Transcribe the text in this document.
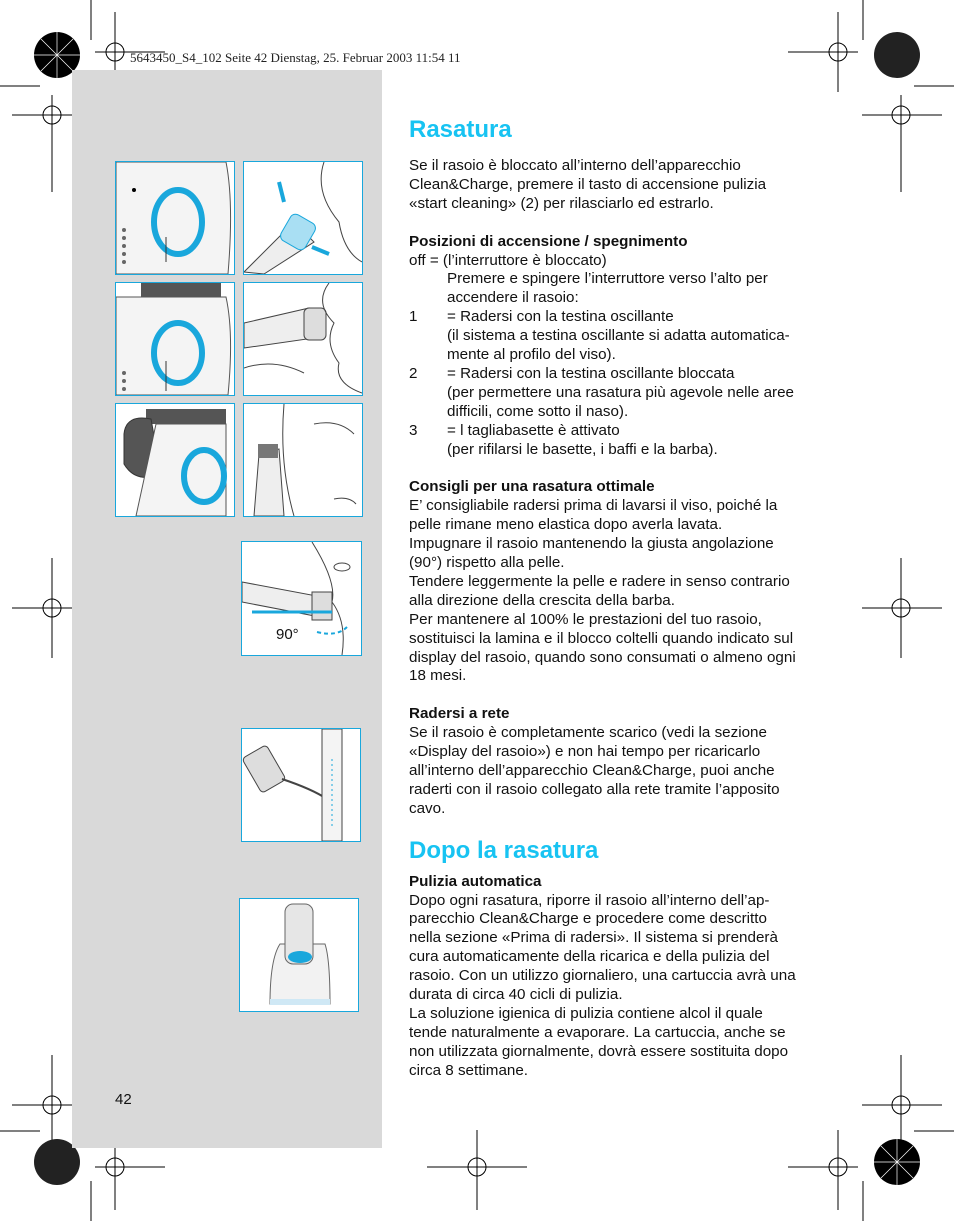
5643450_S4_102 Seite 42 Dienstag, 25. Februar 2003 11:54 11
90°
42
Rasatura

Se il rasoio è bloccato all’interno dell’apparecchio

Clean&Charge, premere il tasto di accensione pulizia

«start cleaning» (2) per rilasciarlo ed estrarlo.

Posizioni di accensione / spegnimento

off = (l’interruttore è bloccato)

Premere e spingere l’interruttore verso l’alto per

accendere il rasoio:

1	= Radersi con la testina oscillante

(il sistema a testina oscillante si adatta automatica-

mente al profilo del viso).

2	= Radersi con la testina oscillante bloccata

(per permettere una rasatura più agevole nelle aree

difficili, come sotto il naso).

3	= l tagliabasette è attivato

(per rifilarsi le basette, i baffi e la barba).

Consigli per una rasatura ottimale

E’ consigliabile radersi prima di lavarsi il viso, poiché la

pelle rimane meno elastica dopo averla lavata.

Impugnare il rasoio mantenendo la giusta angolazione

(90°) rispetto alla pelle.

Tendere leggermente la pelle e radere in senso contrario

alla direzione della crescita della barba.

Per mantenere al 100% le prestazioni del tuo rasoio,

sostituisci la lamina e il blocco coltelli quando indicato sul

display del rasoio, quando sono consumati o almeno ogni

18 mesi.

Radersi a rete

Se il rasoio è completamente scarico (vedi la sezione

«Display del rasoio») e non hai tempo per ricaricarlo

all’interno dell’apparecchio Clean&Charge, puoi anche

raderti con il rasoio collegato alla rete tramite l’apposito

cavo.

Dopo la rasatura
Pulizia automatica

Dopo ogni rasatura, riporre il rasoio all’interno dell’ap-

parecchio Clean&Charge e procedere come descritto

nella sezione «Prima di radersi». Il sistema si prenderà

cura automaticamente della ricarica e della pulizia del

rasoio. Con un utilizzo giornaliero, una cartuccia avrà una

durata di circa 40 cicli di pulizia.

La soluzione igienica di pulizia contiene alcol il quale

tende naturalmente a evaporare. La cartuccia, anche se

non utilizzata giornalmente, dovrà essere sostituita dopo

circa 8 settimane.
